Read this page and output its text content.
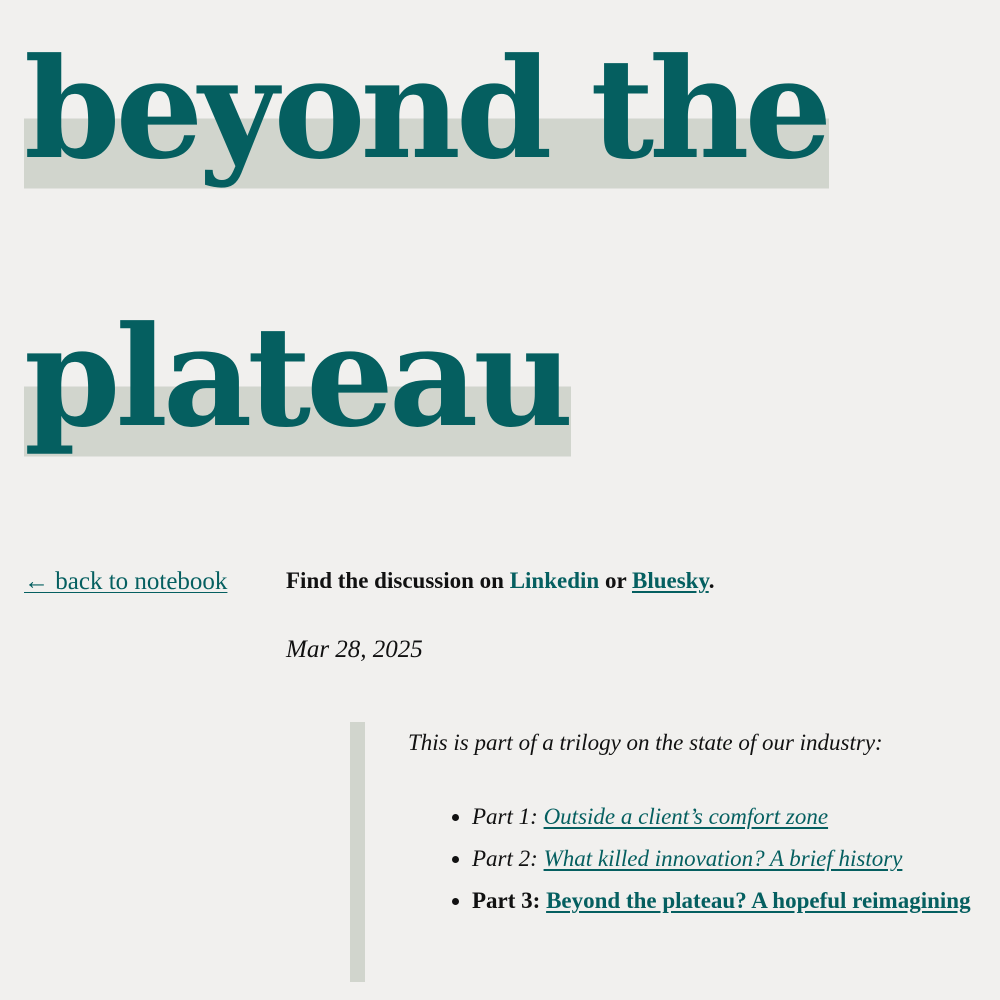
beyond the
plateau
← back to notebook	Find the discussion on Linkedin or Bluesky.
Mar 28, 2025
This is part of a trilogy on the state of our industry:
Part 1: Outside a client’s comfort zone
Part 2: What killed innovation? A brief history
Part 3: Beyond the plateau? A hopeful reimagining
